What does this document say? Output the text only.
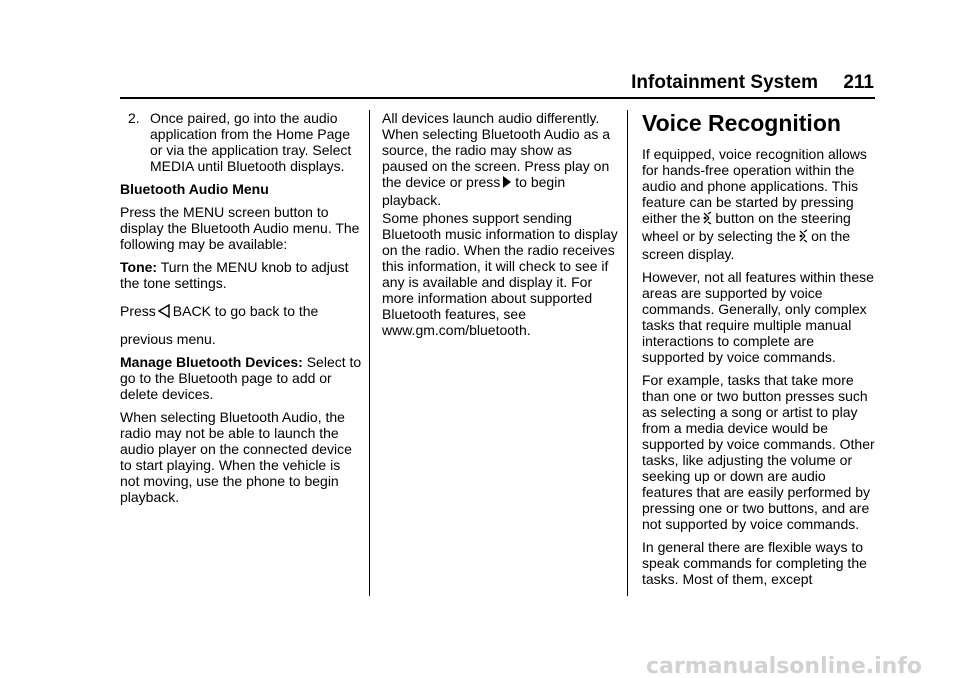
Infotainment System	211

2. Once paired, go into the audio application from the Home Page or via the application tray. Select MEDIA until Bluetooth displays.

Bluetooth Audio Menu

Press the MENU screen button to display the Bluetooth Audio menu. The following may be available:

Tone: Turn the MENU knob to adjust the tone settings.

Press BACK to go back to the previous menu.

Manage Bluetooth Devices: Select to go to the Bluetooth page to add or delete devices.

When selecting Bluetooth Audio, the radio may not be able to launch the audio player on the connected device to start playing. When the vehicle is not moving, use the phone to begin playback.

All devices launch audio differently. When selecting Bluetooth Audio as a source, the radio may show as paused on the screen. Press play on the device or press to begin playback.

Some phones support sending Bluetooth music information to display on the radio. When the radio receives this information, it will check to see if any is available and display it. For more information about supported Bluetooth features, see www.gm.com/bluetooth.

Voice Recognition

If equipped, voice recognition allows for hands-free operation within the audio and phone applications. This feature can be started by pressing either the button on the steering wheel or by selecting the on the screen display.

However, not all features within these areas are supported by voice commands. Generally, only complex tasks that require multiple manual interactions to complete are supported by voice commands.

For example, tasks that take more than one or two button presses such as selecting a song or artist to play from a media device would be supported by voice commands. Other tasks, like adjusting the volume or seeking up or down are audio features that are easily performed by pressing one or two buttons, and are not supported by voice commands.

In general there are flexible ways to speak commands for completing the tasks. Most of them, except

carmanualsonline.info
